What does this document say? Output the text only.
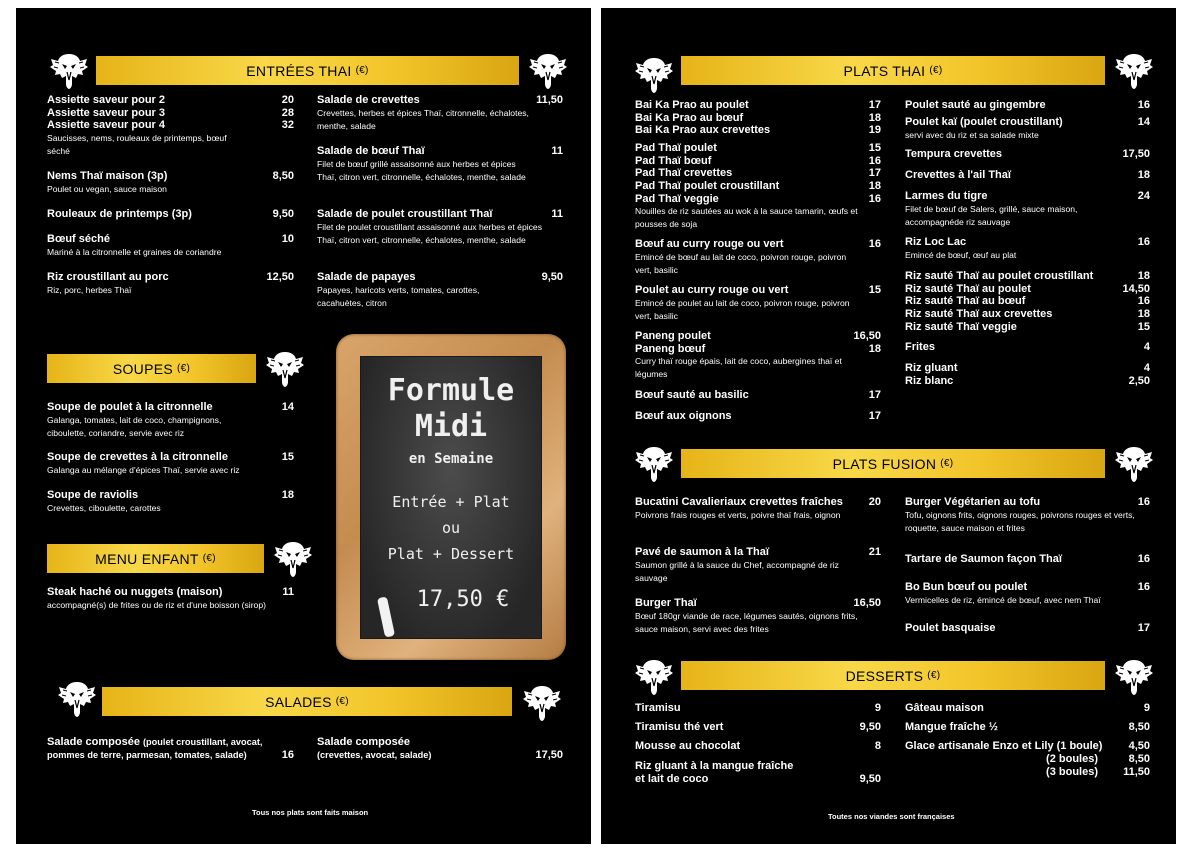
ENTRÉES THAI (€)
Assiette saveur pour 2	20
Assiette saveur pour 3	28
Assiette saveur pour 4	32
Saucisses, nems, rouleaux de printemps, bœuf séché
Nems Thaï maison (3p)	8,50
Poulet ou vegan, sauce maison
Rouleaux de printemps (3p)	9,50
Bœuf séché	10
Mariné à la citronnelle et graines de coriandre
Riz croustillant au porc	12,50
Riz, porc, herbes Thaï
Salade de crevettes	11,50
Crevettes, herbes et épices Thaï, citronnelle, échalotes, menthe, salade
Salade de bœuf Thaï	11
Filet de bœuf grillé assaisonné aux herbes et épices Thaï, citron vert, citronnelle, échalotes, menthe, salade
Salade de poulet croustillant Thaï	11
Filet de poulet croustillant assaisonné aux herbes et épices Thaï, citron vert, citronnelle, échalotes, menthe, salade
Salade de papayes	9,50
Papayes, haricots verts, tomates, carottes, cacahuètes, citron
SOUPES (€)
Soupe de poulet à la citronnelle	14
Galanga, tomates, lait de coco, champignons, ciboulette, coriandre, servie avec riz
Soupe de crevettes à la citronnelle	15
Galanga au mélange d'épices Thaï, servie avec riz
Soupe de raviolis	18
Crevettes, ciboulette, carottes
MENU ENFANT (€)
Steak haché ou nuggets (maison)	11
accompagné(s) de frites ou de riz et d'une boisson (sirop)
Formule
Midi
en Semaine
Entrée + Plat
ou
Plat + Dessert
17,50 €
SALADES (€)
Salade composée (poulet croustillant, avocat, pommes de terre, parmesan, tomates, salade)	16
Salade composée
(crevettes, avocat, salade)	17,50
Tous nos plats sont faits maison
PLATS THAI (€)
Bai Ka Prao au poulet	17
Bai Ka Prao au bœuf	18
Bai Ka Prao aux crevettes	19
Pad Thaï poulet	15
Pad Thaï bœuf	16
Pad Thaï crevettes	17
Pad Thaï poulet croustillant	18
Pad Thaï veggie	16
Nouilles de riz sautées au wok à la sauce tamarin, œufs et pousses de soja
Bœuf au curry rouge ou vert	16
Emincé de bœuf au lait de coco, poivron rouge, poivron vert, basilic
Poulet au curry rouge ou vert	15
Emincé de poulet au lait de coco, poivron rouge, poivron vert, basilic
Paneng poulet	16,50
Paneng bœuf	18
Curry thaï rouge épais, lait de coco, aubergines thaï et légumes
Bœuf sauté au basilic	17
Bœuf aux oignons	17
Poulet sauté au gingembre	16
Poulet kaï (poulet croustillant)	14
servi avec du riz et sa salade mixte
Tempura crevettes	17,50
Crevettes à l'ail Thaï	18
Larmes du tigre	24
Filet de bœuf de Salers, grillé, sauce maison, accompagnéde riz sauvage
Riz Loc Lac	16
Emincé de bœuf, œuf au plat
Riz sauté Thaï au poulet croustillant	18
Riz sauté Thaï au poulet	14,50
Riz sauté Thaï au bœuf	16
Riz sauté Thaï aux crevettes	18
Riz sauté Thaï veggie	15
Frites	4
Riz gluant	4
Riz blanc	2,50
PLATS FUSION (€)
Bucatini Cavalieriaux crevettes fraîches	20
Poivrons frais rouges et verts, poivre thaï frais, oignon
Pavé de saumon à la Thaï	21
Saumon grillé à la sauce du Chef, accompagné de riz sauvage
Burger Thaï	16,50
Bœuf 180gr viande de race, légumes sautés, oignons frits, sauce maison, servi avec des frites
Burger Végétarien au tofu	16
Tofu, oignons frits, oignons rouges, poivrons rouges et verts, roquette, sauce maison et frites
Tartare de Saumon façon Thaï	16
Bo Bun bœuf ou poulet	16
Vermicelles de riz, émincé de bœuf, avec nem Thaï
Poulet basquaise	17
DESSERTS (€)
Tiramisu	9
Tiramisu thé vert	9,50
Mousse au chocolat	8
Riz gluant à la mangue fraîche
et lait de coco	9,50
Gâteau maison	9
Mangue fraîche ½	8,50
Glace artisanale Enzo et Lily (1 boule)	4,50
(2 boules)	8,50
(3 boules) 11,50
Toutes nos viandes sont françaises
